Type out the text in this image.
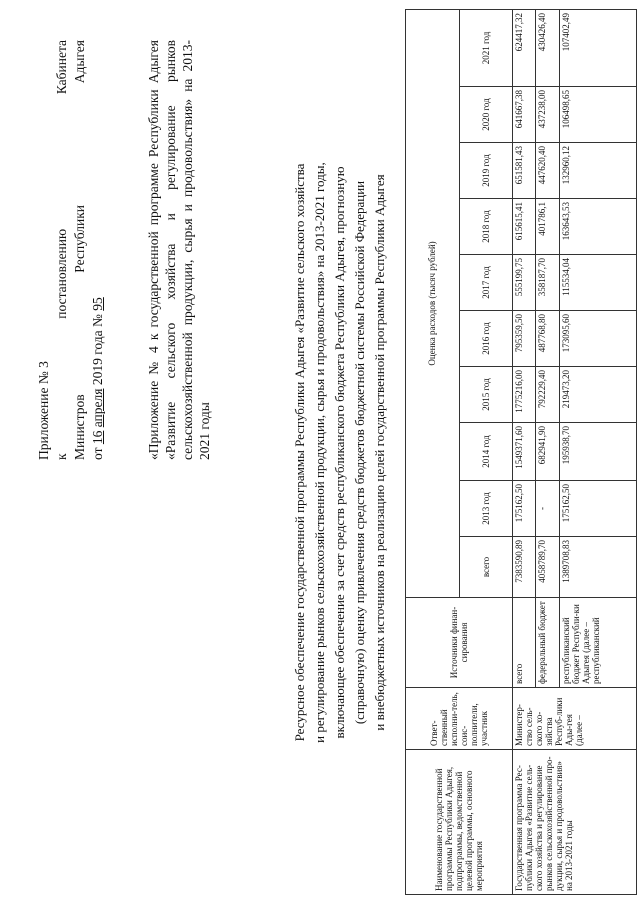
Приложение № 3 к постановлению Кабинета

Министров Республики Адыгея

от 16 апреля 2019 года № 95	«Приложение № 4 к государственной программе Республики Адыгея «Развитие сельского хозяйства и регулирование рынков сельскохозяйственной продукции, сырья и продовольствия» на 2013-2021 годы	Ресурсное обеспечение государственной программы Республики Адыгея «Развитие сельского хозяйства и регулирование рынков сельскохозяйственной продукции, сырья и продовольствия» на 2013-2021 годы, включающее обеспечение за счет средств республиканского бюджета Республики Адыгея, прогнозную (справочную) оценку привлечения средств бюджетов бюджетной системы Российской Федерации и внебюджетных источников на реализацию целей государственной программы Республики Адыгея
Наименование государственной программы Республики Адыгея, подпрограммы, ведомственной целевой программы, основного мероприятия	Ответ-ственный исполни-тель, соис-полнители, участник	Источники финан-сирования	Оценка расходов (тысяч рублей)									
			всего	2013 год	2014 год	2015 год	2016 год	2017 год	2018 год	2019 год	2020 год	2021 год
Государственная программа Рес-публики Адыгея «Развитие сель-ского хозяйства и регулирование рынков сельскохозяйственной про-дукции, сырья и продовольствия» на 2013-2021 годы	Министер-ство сель-ского хо-зяйства Респуб-лики Ады-гея (далее –	всего	7383590,89	175162,50	1549371,60	1775216,00	795359,50	555199,75	615615,41	651581,43	641667,38	624417,32
		федеральный бюджет	4058789,70	-	682941,90	792229,40	487768,80	358187,70	401786,1	447620,40	437238,00	430426,40
		республиканский бюджет Республи-ки Адыгея (далее – республиканский	1389708,83	175162,50	195938,70	219473,20	173095,60	115534,04	163643,53	132960,12	106498,65	107402,49
